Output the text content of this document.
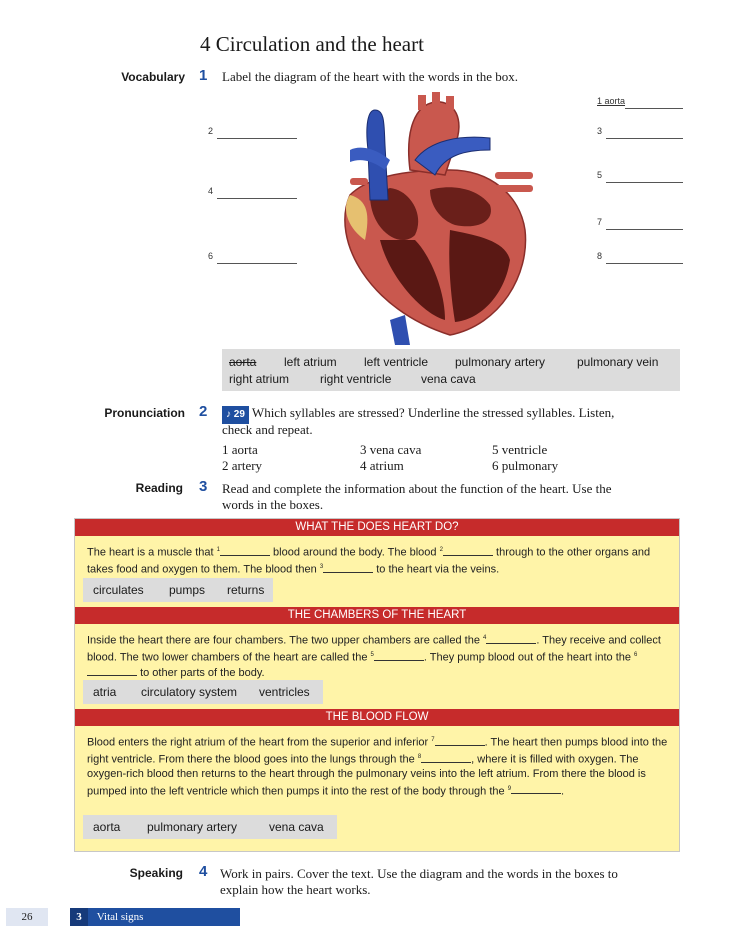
4 Circulation and the heart
Vocabulary 1 Label the diagram of the heart with the words in the box.
1 aorta
2	3
4
5
6
7
8
aorta left atrium left ventricle pulmonary artery	pulmonary vein
right atrium	right ventricle vena cava
Pronunciation 2	♪ 29 Which syllables are stressed? Underline the stressed syllables. Listen,
check and repeat.
1 aorta
2 artery
3 vena cava
4 atrium
5 ventricle
6 pulmonary
Reading 3 Read and complete the information about the function of the heart. Use the
words in the boxes.
WHAT THE DOES HEART DO?
The heart is a muscle that $^1$	blood around the body. The blood $^2$	through to the other organs and takes food and oxygen to them. The blood then $^3$	to the heart via the veins.
circulates pumps returns
THE CHAMBERS OF THE HEART
Inside the heart there are four chambers. The two upper chambers are called the $^4$	. They receive and collect blood. The two lower chambers of the heart are called the $^5$	. They pump blood out of the heart into the $^6$ to other parts of the body.
atria circulatory system ventricles
THE BLOOD FLOW
Blood enters the right atrium of the heart from the superior and inferior $^7$	. The heart then pumps blood into the right ventricle. From there the blood goes into the lungs through the $^8$	, where it is filled with oxygen. The oxygen-rich blood then returns to the heart through the pulmonary veins into the left atrium. From there the blood is pumped into the left ventricle which then pumps it into the rest of the body through the $^9$	.
aorta pulmonary artery	vena cava
Speaking 4 Work in pairs. Cover the text. Use the diagram and the words in the boxes to
explain how the heart works.
26	3 Vital signs
